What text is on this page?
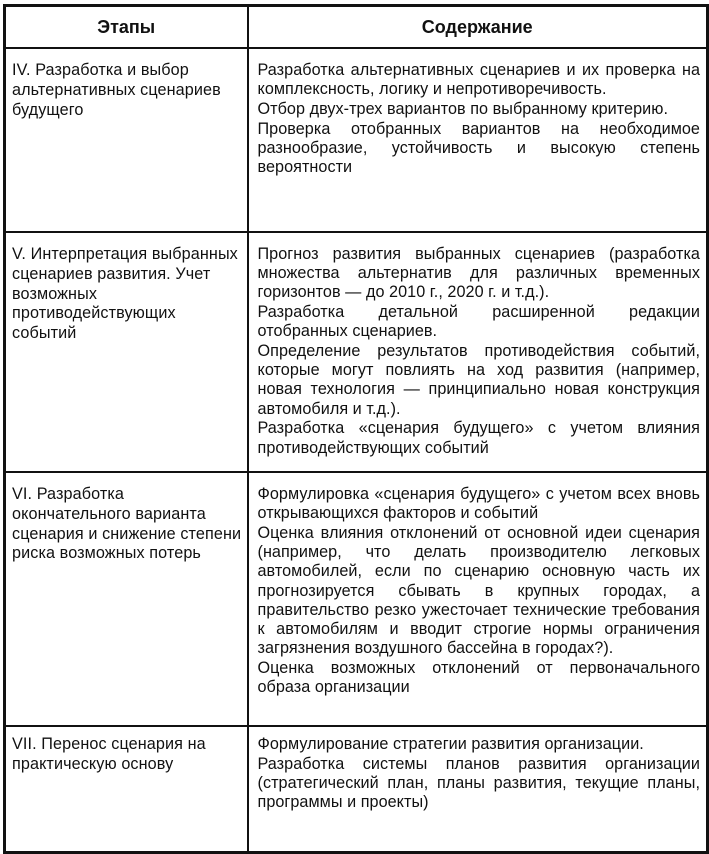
Этапы	Содержание
IV. Разработка и выбор альтернативных сценариев будущего	Разработка альтернативных сценариев и их проверка на комплексность, логику и непротиворечивость.

Отбор двух-трех вариантов по выбранному критерию.

Проверка отобранных вариантов на необходимое разнообразие, устойчивость и высокую степень вероятности

V. Интерпретация выбранных сценариев развития. Учет возможных противодействующих событий	Прогноз развития выбранных сценариев (разработка множества альтернатив для различных временных горизонтов — до 2010 г., 2020 г. и т.д.).

Разработка детальной расширенной редакции отобранных сценариев.

Определение результатов противодействия событий, которые могут повлиять на ход развития (например, новая технология — принципиально новая конструкция автомобиля и т.д.).

Разработка «сценария будущего» с учетом влияния противодействующих событий

VI. Разработка окончательного варианта сценария и снижение степени риска возможных потерь	Формулировка «сценария будущего» с учетом всех вновь открывающихся факторов и событий

Оценка влияния отклонений от основной идеи сценария (например, что делать производителю легковых автомобилей, если по сценарию основную часть их прогнозируется сбывать в крупных городах, а правительство резко ужесточает технические требования к автомобилям и вводит строгие нормы ограничения загрязнения воздушного бассейна в городах?).

Оценка возможных отклонений от первоначального образа организации

VII. Перенос сценария на практическую основу	Формулирование стратегии развития организации.

Разработка системы планов развития организации (стратегический план, планы развития, текущие планы, программы и проекты)
